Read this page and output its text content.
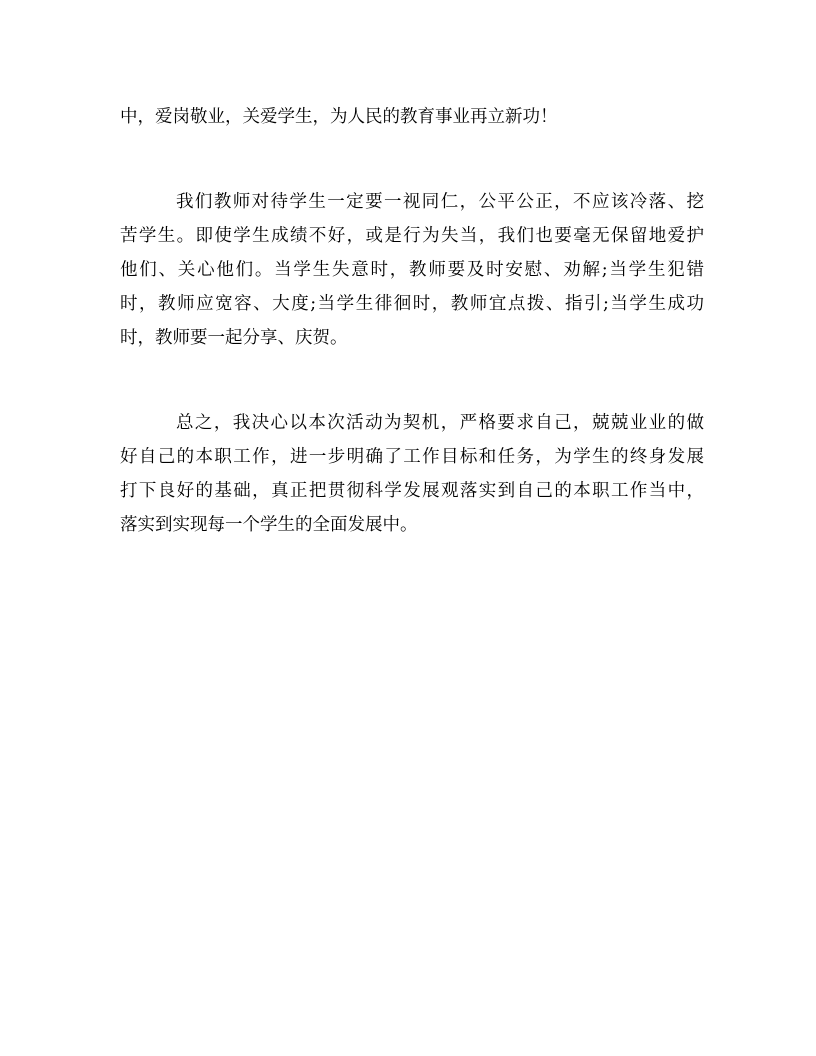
中，爱岗敬业，关爱学生，为人民的教育事业再立新功！
我们教师对待学生一定要一视同仁，公平公正，不应该冷落、挖
苦学生。即使学生成绩不好，或是行为失当，我们也要毫无保留地爱护
他们、关心他们。当学生失意时，教师要及时安慰、劝解;当学生犯错
时，教师应宽容、大度;当学生徘徊时，教师宜点拨、指引;当学生成功
时，教师要一起分享、庆贺。
总之，我决心以本次活动为契机，严格要求自己，兢兢业业的做
好自己的本职工作，进一步明确了工作目标和任务，为学生的终身发展
打下良好的基础，真正把贯彻科学发展观落实到自己的本职工作当中，
落实到实现每一个学生的全面发展中。
